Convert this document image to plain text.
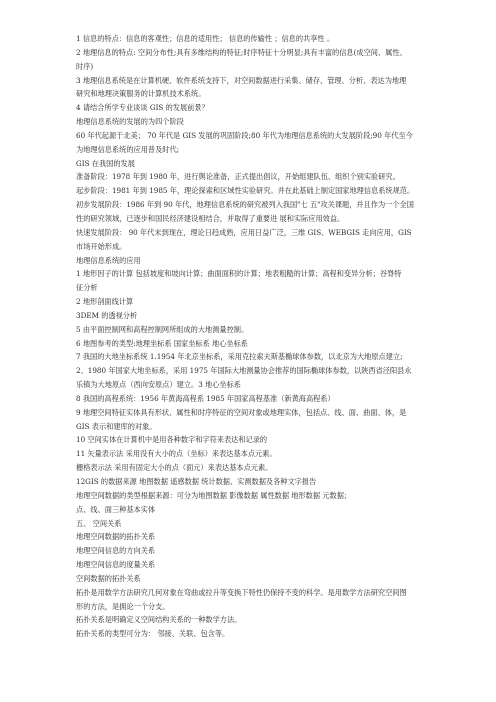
1 信息的特点：信息的客观性；信息的适用性； 信息的传输性 ；信息的共享性 。
2 地理信息的特点: 空间分布性;具有多维结构的特征;时序特征十分明显;具有丰富的信息(成空间、属性、
时序)
3 地理信息系统是在计算机硬、软件系统支持下，对空间数据进行采集、储存、管理、分析、表达为地理
研究和地理决策服务的计算机技术系统。
4 请结合所学专业谈谈 GIS 的发展前景？
地理信息系统的发展的为四个阶段
60 年代起源于北美； 70 年代是 GIS 发展的巩固阶段;80 年代为地理信息系统的大发展阶段;90 年代至今
为地理信息系统的应用普及时代;
GIS 在我国的发展
准备阶段：1978 年到 1980 年，进行舆论准备，正式提出倡议，开始组建队伍、组织个别实验研究。
起步阶段：1981 年到 1985 年，理论探索和区域性实验研究。并在此基础上制定国家地理信息系统规范。
初步发展阶段：1986 年到 90 年代，地理信息系统的研究被列入我国"七 五"攻关课题，并且作为一个全国
性的研究领域，已逐步和国民经济建设相结合，并取得了重要进 展和实际应用效益。
快速发展阶段： 90 年代末到现在，理论日趋成熟，应用日益广泛，三维 GIS、WEBGIS 走向应用，GIS
市场开始形成。
地理信息系统的应用
1 地形因子的计算 包括坡度和坡向计算；曲面面积的计算；地表粗糙的计算；高程和变异分析；谷脊特
征分析
2 地形剖面线计算
3DEM 的透视分析
5 由平面控制网和高程控制网所组成的大地测量控制。
6 地图参考的类型:地理坐标系 国家坐标系 地心坐标系
7 我国的大地坐标系统 1.1954 年北京坐标系，采用克拉索夫斯基椭球体参数，以北京为大地原点建立;
2、1980 年国家大地坐标系，采用 1975 年国际大地测量协会推荐的国际椭球体参数，以陕西省泾阳县永
乐镇为大地原点（西向安原点）建立。3 地心坐标系
8 我国的高程系统：1956 年黄海高程系 1985 年国家高程基准（新黄海高程系）
9 地理空间特征实体具有形状、属性和时序特征的空间对象或地理实体，包括点、线、面、曲面、体，是
GIS 表示和建库的对象。
10 空间实体在计算机中是用各种数字和字符来表达和记录的
11 矢量表示法 采用没有大小的点（坐标）来表达基本点元素。
栅格表示法 采用有固定大小的点（面元）来表达基本点元素。
12GIS 的数据来源 地图数据 遥感数据 统计数据、实测数据及各种文字报告
地理空间数据的类型根据来源：可分为地图数据 影像数据 属性数据 地形数据 元数据；
点、线、面三种基本实体
五、 空间关系
地理空间数据的拓扑关系
地理空间信息的方向关系
地理空间信息的度量关系
空间数据的拓扑关系
拓扑是用数学方法研究几何对象在弯曲或拉升等变换下特性仍保持不变的科学。是用数学方法研究空间图
形的方法，是拥论一个分支。
拓扑关系是明确定义空间结构关系的一种数学方法。
拓扑关系的类型可分为： 邻接、关联、包含等。
